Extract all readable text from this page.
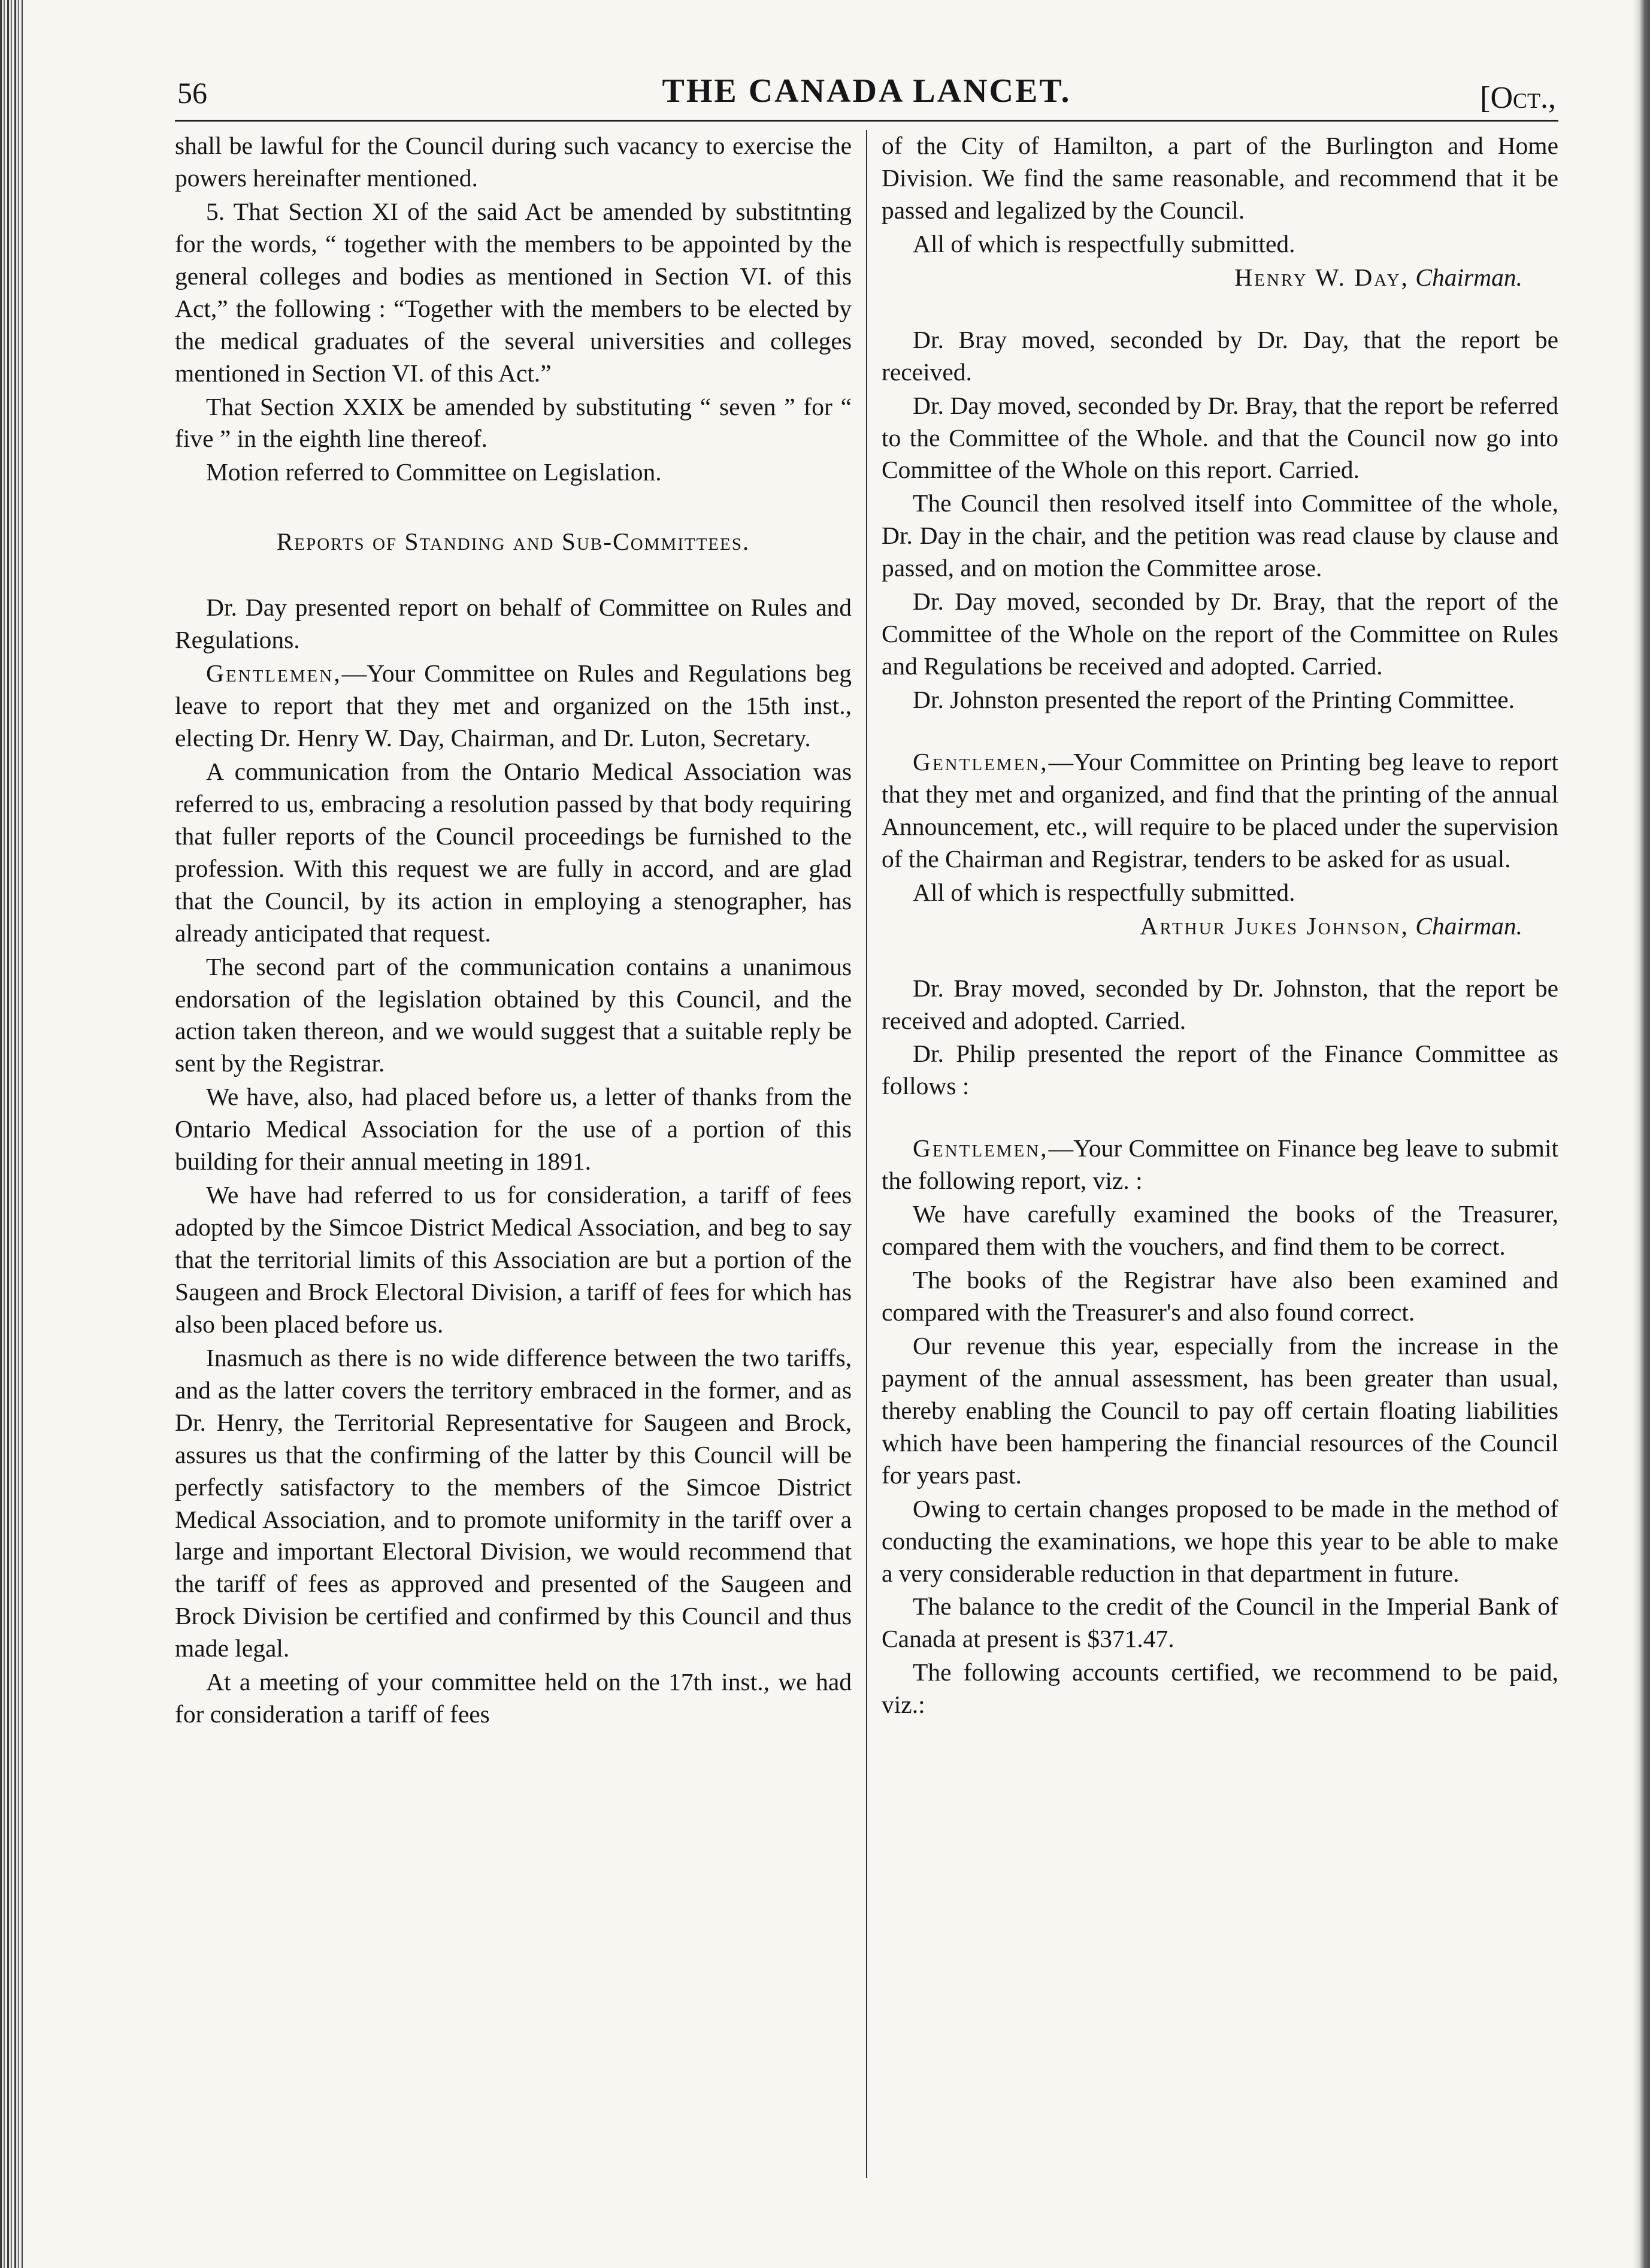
56	THE CANADA LANCET.	[Oct.,

shall be lawful for the Council during such vacancy to exercise the powers hereinafter mentioned.

5. That Section XI of the said Act be amended by substitnting for the words, “ together with the members to be appointed by the general colleges and bodies as mentioned in Section VI. of this Act,” the following : “Together with the members to be elected by the medical graduates of the several universities and colleges mentioned in Section VI. of this Act.”

That Section XXIX be amended by substituting “ seven ” for “ five ” in the eighth line thereof.

Motion referred to Committee on Legislation.

Reports of Standing and Sub-Committees.

Dr. Day presented report on behalf of Committee on Rules and Regulations.

Gentlemen,—Your Committee on Rules and Regulations beg leave to report that they met and organized on the 15th inst., electing Dr. Henry W. Day, Chairman, and Dr. Luton, Secretary.

A communication from the Ontario Medical Association was referred to us, embracing a resolution passed by that body requiring that fuller reports of the Council proceedings be furnished to the profession. With this request we are fully in accord, and are glad that the Council, by its action in employing a stenographer, has already anticipated that request.

The second part of the communication contains a unanimous endorsation of the legislation obtained by this Council, and the action taken thereon, and we would suggest that a suitable reply be sent by the Registrar.

We have, also, had placed before us, a letter of thanks from the Ontario Medical Association for the use of a portion of this building for their annual meeting in 1891.

We have had referred to us for consideration, a tariff of fees adopted by the Simcoe District Medical Association, and beg to say that the territorial limits of this Association are but a portion of the Saugeen and Brock Electoral Division, a tariff of fees for which has also been placed before us.

Inasmuch as there is no wide difference between the two tariffs, and as the latter covers the territory embraced in the former, and as Dr. Henry, the Territorial Representative for Saugeen and Brock, assures us that the confirming of the latter by this Council will be perfectly satisfactory to the members of the Simcoe District Medical Association, and to promote uniformity in the tariff over a large and important Electoral Division, we would recommend that the tariff of fees as approved and presented of the Saugeen and Brock Division be certified and confirmed by this Council and thus made legal.

At a meeting of your committee held on the 17th inst., we had for consideration a tariff of fees

of the City of Hamilton, a part of the Burlington and Home Division. We find the same reasonable, and recommend that it be passed and legalized by the Council.

All of which is respectfully submitted.

Henry W. Day, Chairman.

Dr. Bray moved, seconded by Dr. Day, that the report be received.

Dr. Day moved, seconded by Dr. Bray, that the report be referred to the Committee of the Whole. and that the Council now go into Committee of the Whole on this report. Carried.

The Council then resolved itself into Committee of the whole, Dr. Day in the chair, and the petition was read clause by clause and passed, and on motion the Committee arose.

Dr. Day moved, seconded by Dr. Bray, that the report of the Committee of the Whole on the report of the Committee on Rules and Regulations be received and adopted. Carried.

Dr. Johnston presented the report of the Printing Committee.

Gentlemen,—Your Committee on Printing beg leave to report that they met and organized, and find that the printing of the annual Announcement, etc., will require to be placed under the supervision of the Chairman and Registrar, tenders to be asked for as usual.

All of which is respectfully submitted.

Arthur Jukes Johnson, Chairman.

Dr. Bray moved, seconded by Dr. Johnston, that the report be received and adopted. Carried.

Dr. Philip presented the report of the Finance Committee as follows :

Gentlemen,—Your Committee on Finance beg leave to submit the following report, viz. :

We have carefully examined the books of the Treasurer, compared them with the vouchers, and find them to be correct.

The books of the Registrar have also been examined and compared with the Treasurer's and also found correct.

Our revenue this year, especially from the increase in the payment of the annual assessment, has been greater than usual, thereby enabling the Council to pay off certain floating liabilities which have been hampering the financial resources of the Council for years past.

Owing to certain changes proposed to be made in the method of conducting the examinations, we hope this year to be able to make a very considerable reduction in that department in future.

The balance to the credit of the Council in the Imperial Bank of Canada at present is $371.47.

The following accounts certified, we recommend to be paid, viz.:
